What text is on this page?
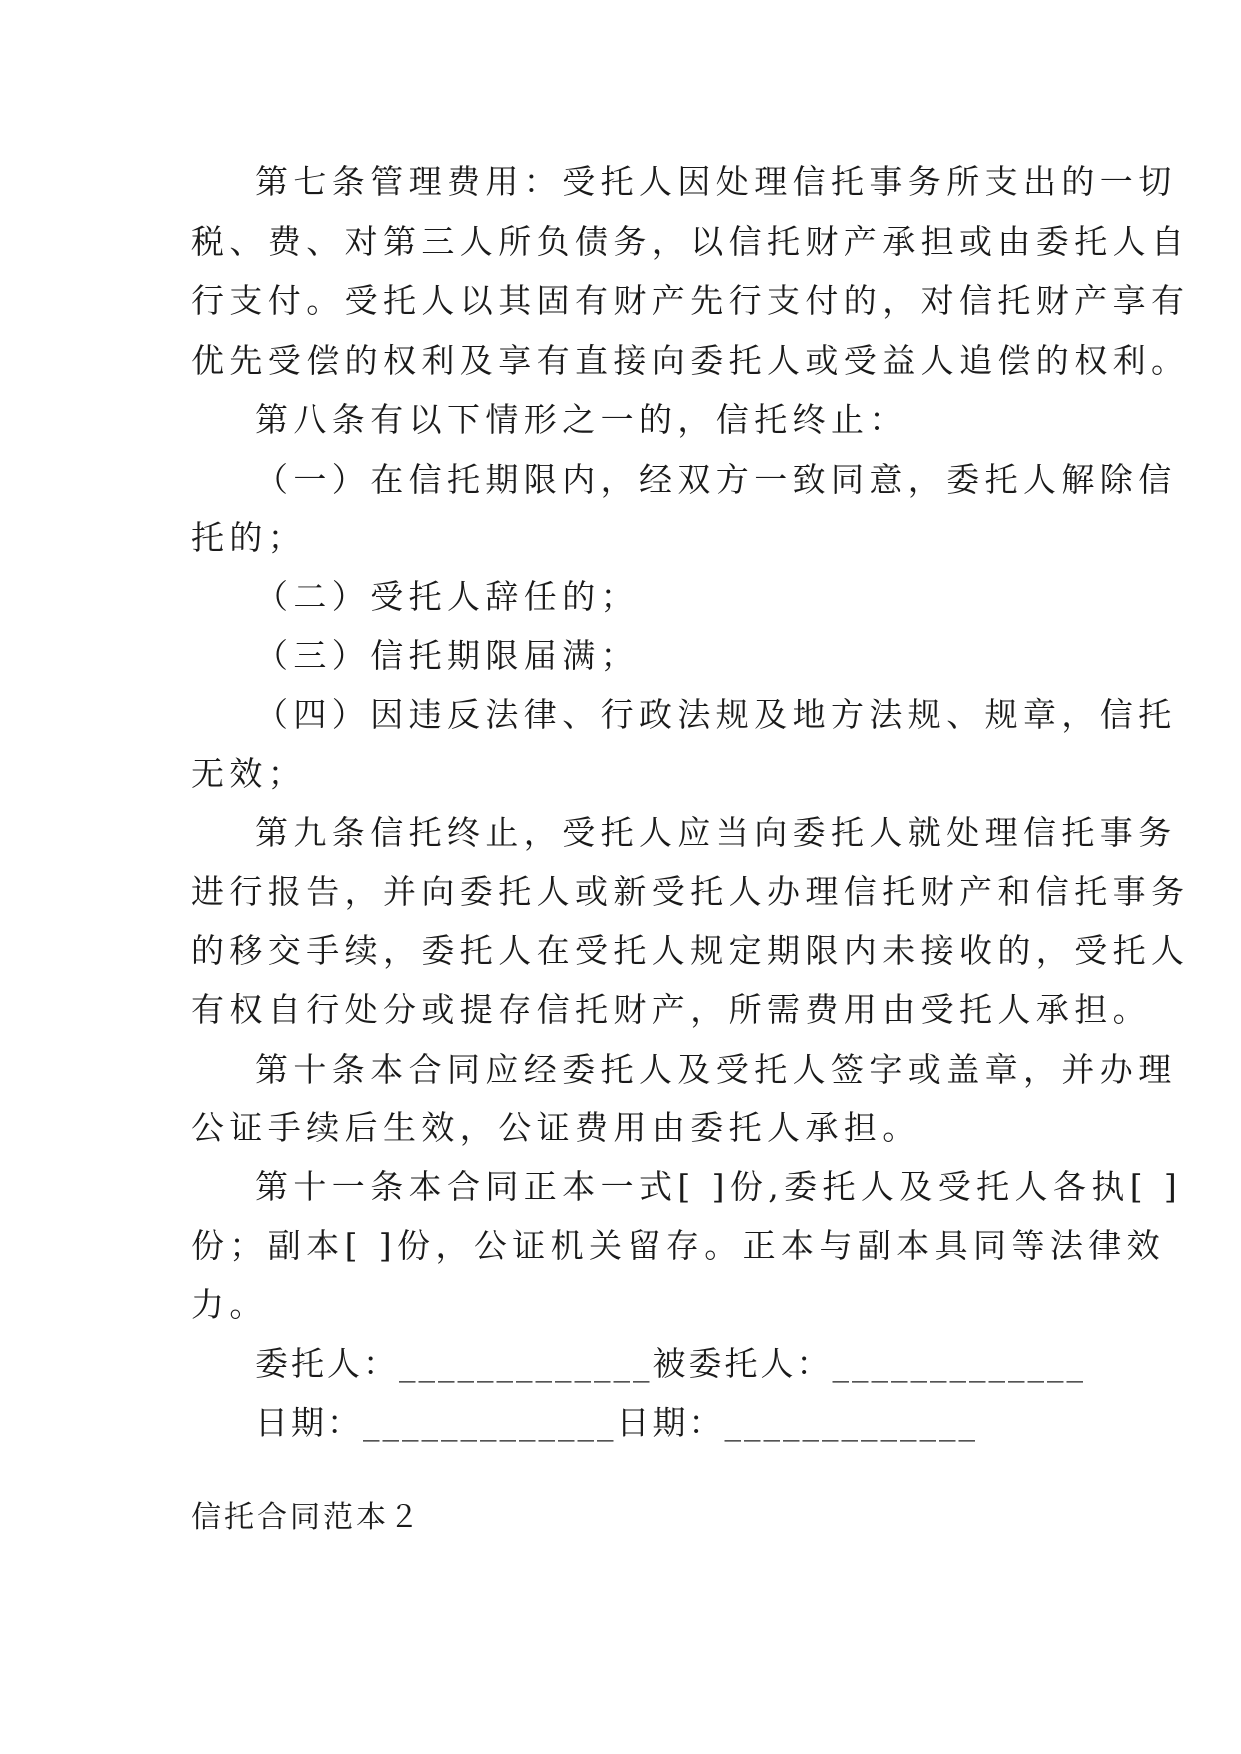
第七条管理费用：受托人因处理信托事务所支出的一切
税、费、对第三人所负债务，以信托财产承担或由委托人自
行支付。受托人以其固有财产先行支付的，对信托财产享有
优先受偿的权利及享有直接向委托人或受益人追偿的权利。
第八条有以下情形之一的，信托终止：
（一）在信托期限内，经双方一致同意，委托人解除信
托的；
（二）受托人辞任的；
（三）信托期限届满；
（四）因违反法律、行政法规及地方法规、规章，信托
无效；
第九条信托终止，受托人应当向委托人就处理信托事务
进行报告，并向委托人或新受托人办理信托财产和信托事务
的移交手续，委托人在受托人规定期限内未接收的，受托人
有权自行处分或提存信托财产，所需费用由受托人承担。
第十条本合同应经委托人及受托人签字或盖章，并办理
公证手续后生效，公证费用由委托人承担。
第十一条本合同正本一式[ ]份,委托人及受托人各执[ ]
份；副本[ ]份，公证机关留存。正本与副本具同等法律效
力。
委托人：_____________被委托人：_____________
日期：_____________日期：_____________
信托合同范本２
